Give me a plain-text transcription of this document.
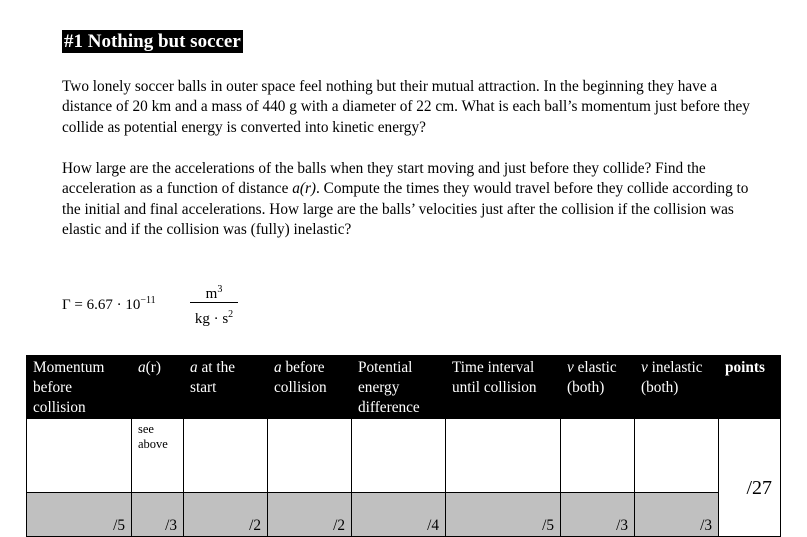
#1 Nothing but soccer

Two lonely soccer balls in outer space feel nothing but their mutual attraction. In the beginning they have a distance of 20 km and a mass of 440 g with a diameter of 22 cm. What is each ball’s momentum just before they collide as potential energy is converted into kinetic energy?

How large are the accelerations of the balls when they start moving and just before they collide? Find the acceleration as a function of distance a(r). Compute the times they would travel before they collide according to the initial and final accelerations. How large are the balls’ velocities just after the collision if the collision was elastic and if the collision was (fully) inelastic?

$\Gamma = 6.67 \cdot 10^{-11}$	$m^3$
kg · $s^2$
Momentum before collision	a(r)	a at the start	a before collision	Potential energy difference	Time interval until collision	v elastic (both)	v inelastic (both)	points
	see above							/27
/5	/3	/2	/2	/4	/5	/3	/3	
